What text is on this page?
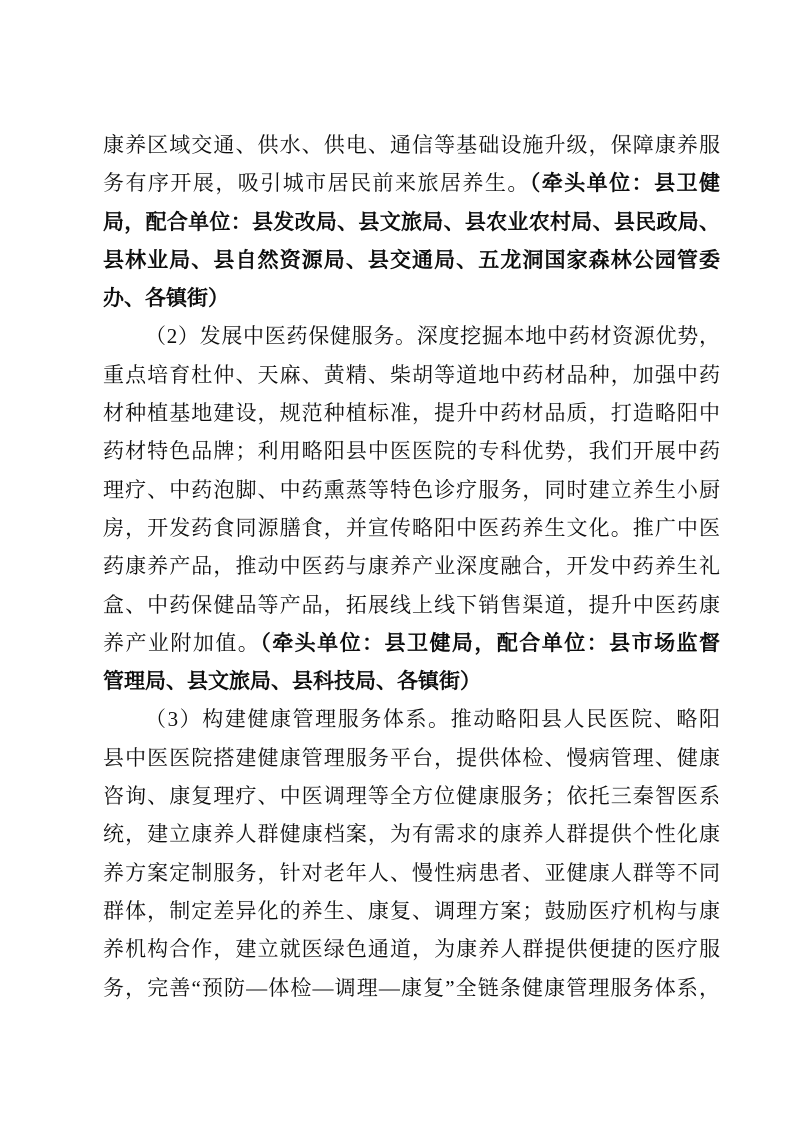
康养区域交通、供水、供电、通信等基础设施升级，保障康养服
务有序开展，吸引城市居民前来旅居养生。（牵头单位：县卫健
局，配合单位：县发改局、县文旅局、县农业农村局、县民政局、
县林业局、县自然资源局、县交通局、五龙洞国家森林公园管委
办、各镇街）
（2）发展中医药保健服务。深度挖掘本地中药材资源优势，
重点培育杜仲、天麻、黄精、柴胡等道地中药材品种，加强中药
材种植基地建设，规范种植标准，提升中药材品质，打造略阳中
药材特色品牌；利用略阳县中医医院的专科优势，我们开展中药
理疗、中药泡脚、中药熏蒸等特色诊疗服务，同时建立养生小厨
房，开发药食同源膳食，并宣传略阳中医药养生文化。推广中医
药康养产品，推动中医药与康养产业深度融合，开发中药养生礼
盒、中药保健品等产品，拓展线上线下销售渠道，提升中医药康
养产业附加值。（牵头单位：县卫健局，配合单位：县市场监督
管理局、县文旅局、县科技局、各镇街）
（3）构建健康管理服务体系。推动略阳县人民医院、略阳
县中医医院搭建健康管理服务平台，提供体检、慢病管理、健康
咨询、康复理疗、中医调理等全方位健康服务；依托三秦智医系
统，建立康养人群健康档案，为有需求的康养人群提供个性化康
养方案定制服务，针对老年人、慢性病患者、亚健康人群等不同
群体，制定差异化的养生、康复、调理方案；鼓励医疗机构与康
养机构合作，建立就医绿色通道，为康养人群提供便捷的医疗服
务，完善“预防—体检—调理—康复”全链条健康管理服务体系，
